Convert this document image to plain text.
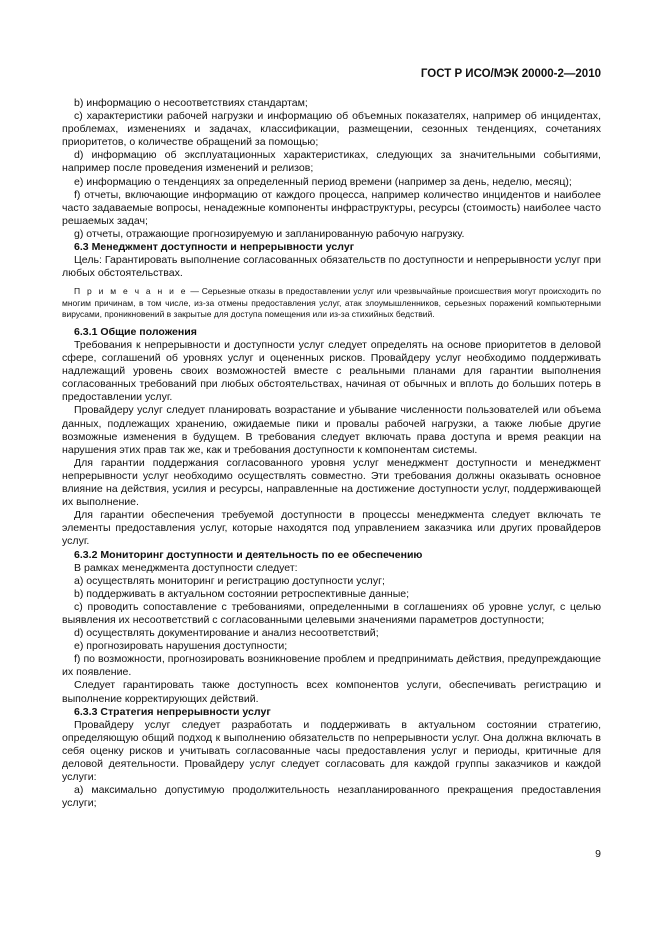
ГОСТ Р ИСО/МЭК 20000-2—2010

b) информацию о несоответствиях стандартам;

c) характеристики рабочей нагрузки и информацию об объемных показателях, например об инцидентах, проблемах, изменениях и задачах, классификации, размещении, сезонных тенденциях, сочетаниях приоритетов, о количестве обращений за помощью;

d) информацию об эксплуатационных характеристиках, следующих за значительными событиями, например после проведения изменений и релизов;

e) информацию о тенденциях за определенный период времени (например за день, неделю, месяц);

f) отчеты, включающие информацию от каждого процесса, например количество инцидентов и наиболее часто задаваемые вопросы, ненадежные компоненты инфраструктуры, ресурсы (стоимость) наиболее часто решаемых задач;

g) отчеты, отражающие прогнозируемую и запланированную рабочую нагрузку.

6.3 Менеджмент доступности и непрерывности услуг

Цель: Гарантировать выполнение согласованных обязательств по доступности и непрерывности услуг при любых обстоятельствах.

П р и м е ч а н и е — Серьезные отказы в предоставлении услуг или чрезвычайные происшествия могут происходить по многим причинам, в том числе, из-за отмены предоставления услуг, атак злоумышленников, серьезных поражений компьютерными вирусами, проникновений в закрытые для доступа помещения или из-за стихийных бедствий.

6.3.1 Общие положения

Требования к непрерывности и доступности услуг следует определять на основе приоритетов в деловой сфере, соглашений об уровнях услуг и оцененных рисков. Провайдеру услуг необходимо поддерживать надлежащий уровень своих возможностей вместе с реальными планами для гарантии выполнения согласованных требований при любых обстоятельствах, начиная от обычных и вплоть до больших потерь в предоставлении услуг.

Провайдеру услуг следует планировать возрастание и убывание численности пользователей или объема данных, подлежащих хранению, ожидаемые пики и провалы рабочей нагрузки, а также любые другие возможные изменения в будущем. В требования следует включать права доступа и время реакции на нарушения этих прав так же, как и требования доступности к компонентам системы.

Для гарантии поддержания согласованного уровня услуг менеджмент доступности и менеджмент непрерывности услуг необходимо осуществлять совместно. Эти требования должны оказывать основное влияние на действия, усилия и ресурсы, направленные на достижение доступности услуг, поддерживающей их выполнение.

Для гарантии обеспечения требуемой доступности в процессы менеджмента следует включать те элементы предоставления услуг, которые находятся под управлением заказчика или других провайдеров услуг.

6.3.2 Мониторинг доступности и деятельность по ее обеспечению

В рамках менеджмента доступности следует:

a) осуществлять мониторинг и регистрацию доступности услуг;

b) поддерживать в актуальном состоянии ретроспективные данные;

c) проводить сопоставление с требованиями, определенными в соглашениях об уровне услуг, с целью выявления их несоответствий с согласованными целевыми значениями параметров доступности;

d) осуществлять документирование и анализ несоответствий;

e) прогнозировать нарушения доступности;

f) по возможности, прогнозировать возникновение проблем и предпринимать действия, предупреждающие их появление.

Следует гарантировать также доступность всех компонентов услуги, обеспечивать регистрацию и выполнение корректирующих действий.

6.3.3 Стратегия непрерывности услуг

Провайдеру услуг следует разработать и поддерживать в актуальном состоянии стратегию, определяющую общий подход к выполнению обязательств по непрерывности услуг. Она должна включать в себя оценку рисков и учитывать согласованные часы предоставления услуг и периоды, критичные для деловой деятельности. Провайдеру услуг следует согласовать для каждой группы заказчиков и каждой услуги:

a) максимально допустимую продолжительность незапланированного прекращения предоставления услуги;

9
